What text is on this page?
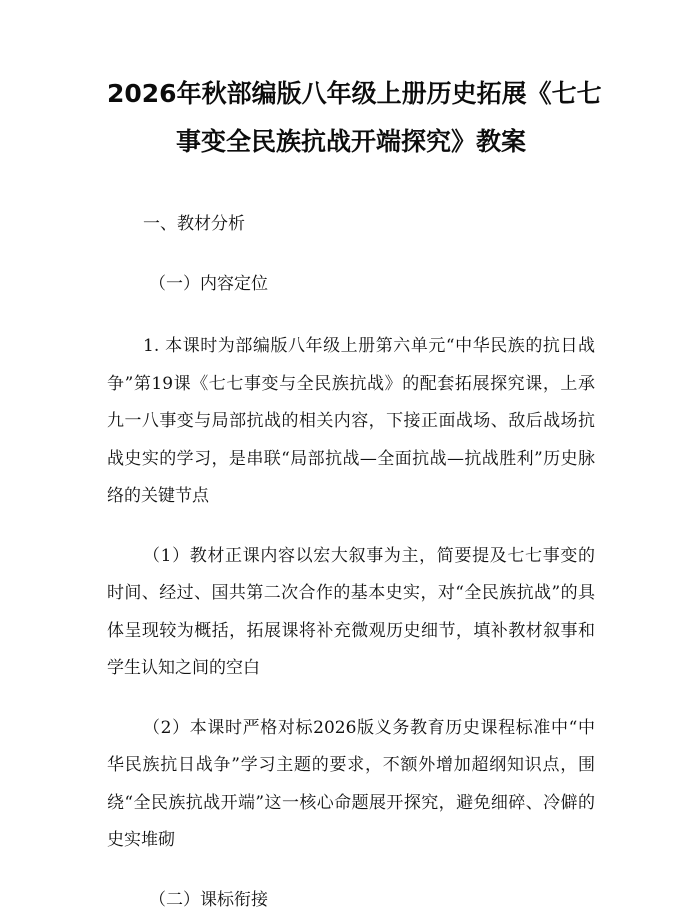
2026年秋部编版八年级上册历史拓展《七七
事变全民族抗战开端探究》教案

一、教材分析

（一）内容定位

1. 本课时为部编版八年级上册第六单元“中华民族的抗日战争”第19课《七七事变与全民族抗战》的配套拓展探究课，上承九一八事变与局部抗战的相关内容，下接正面战场、敌后战场抗战史实的学习，是串联“局部抗战—全面抗战—抗战胜利”历史脉络的关键节点

（1）教材正课内容以宏大叙事为主，简要提及七七事变的时间、经过、国共第二次合作的基本史实，对“全民族抗战”的具体呈现较为概括，拓展课将补充微观历史细节，填补教材叙事和学生认知之间的空白

（2）本课时严格对标2026版义务教育历史课程标准中“中华民族抗日战争”学习主题的要求，不额外增加超纲知识点，围绕“全民族抗战开端”这一核心命题展开探究，避免细碎、冷僻的史实堆砌

（二）课标衔接
